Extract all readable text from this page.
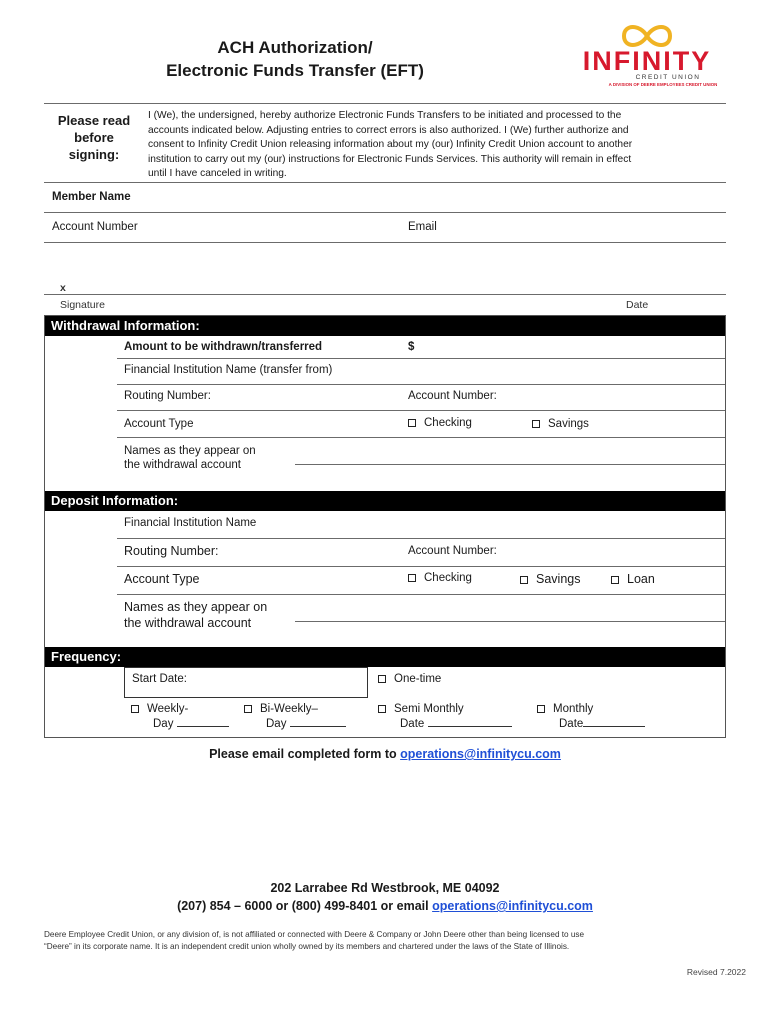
ACH Authorization/
Electronic Funds Transfer (EFT)	INFINITY
CREDIT UNION
A DIVISION OF DEERE EMPLOYEES CREDIT UNION
Please read
before
signing:
I (We), the undersigned, hereby authorize Electronic Funds Transfers to be initiated and processed to the
accounts indicated below. Adjusting entries to correct errors is also authorized. I (We) further authorize and
consent to Infinity Credit Union releasing information about my (our) Infinity Credit Union account to another
institution to carry out my (our) instructions for Electronic Funds Services. This authority will remain in effect
until I have canceled in writing.
Member Name
Account Number	Email
x
Signature	Date
Withdrawal Information:
Amount to be withdrawn/transferred	$
Financial Institution Name (transfer from)
Routing Number:	Account Number:
Account Type	Checking	Savings
Names as they appear on
the withdrawal account
Deposit Information:
Financial Institution Name
Routing Number:	Account Number:
Account Type	Checking	Savings	Loan
Names as they appear on
the withdrawal account
Frequency:
Start Date:	One-time
Weekly-
Day
Bi-Weekly–
Day
Semi Monthly
Date
Monthly
Date
Please email completed form to operations@infinitycu.com
202 Larrabee Rd Westbrook, ME 04092
(207) 854 – 6000 or (800) 499-8401 or email operations@infinitycu.com
Deere Employee Credit Union, or any division of, is not affiliated or connected with Deere & Company or John Deere other than being licensed to use
“Deere” in its corporate name. It is an independent credit union wholly owned by its members and chartered under the laws of the State of Illinois.
Revised 7.2022
